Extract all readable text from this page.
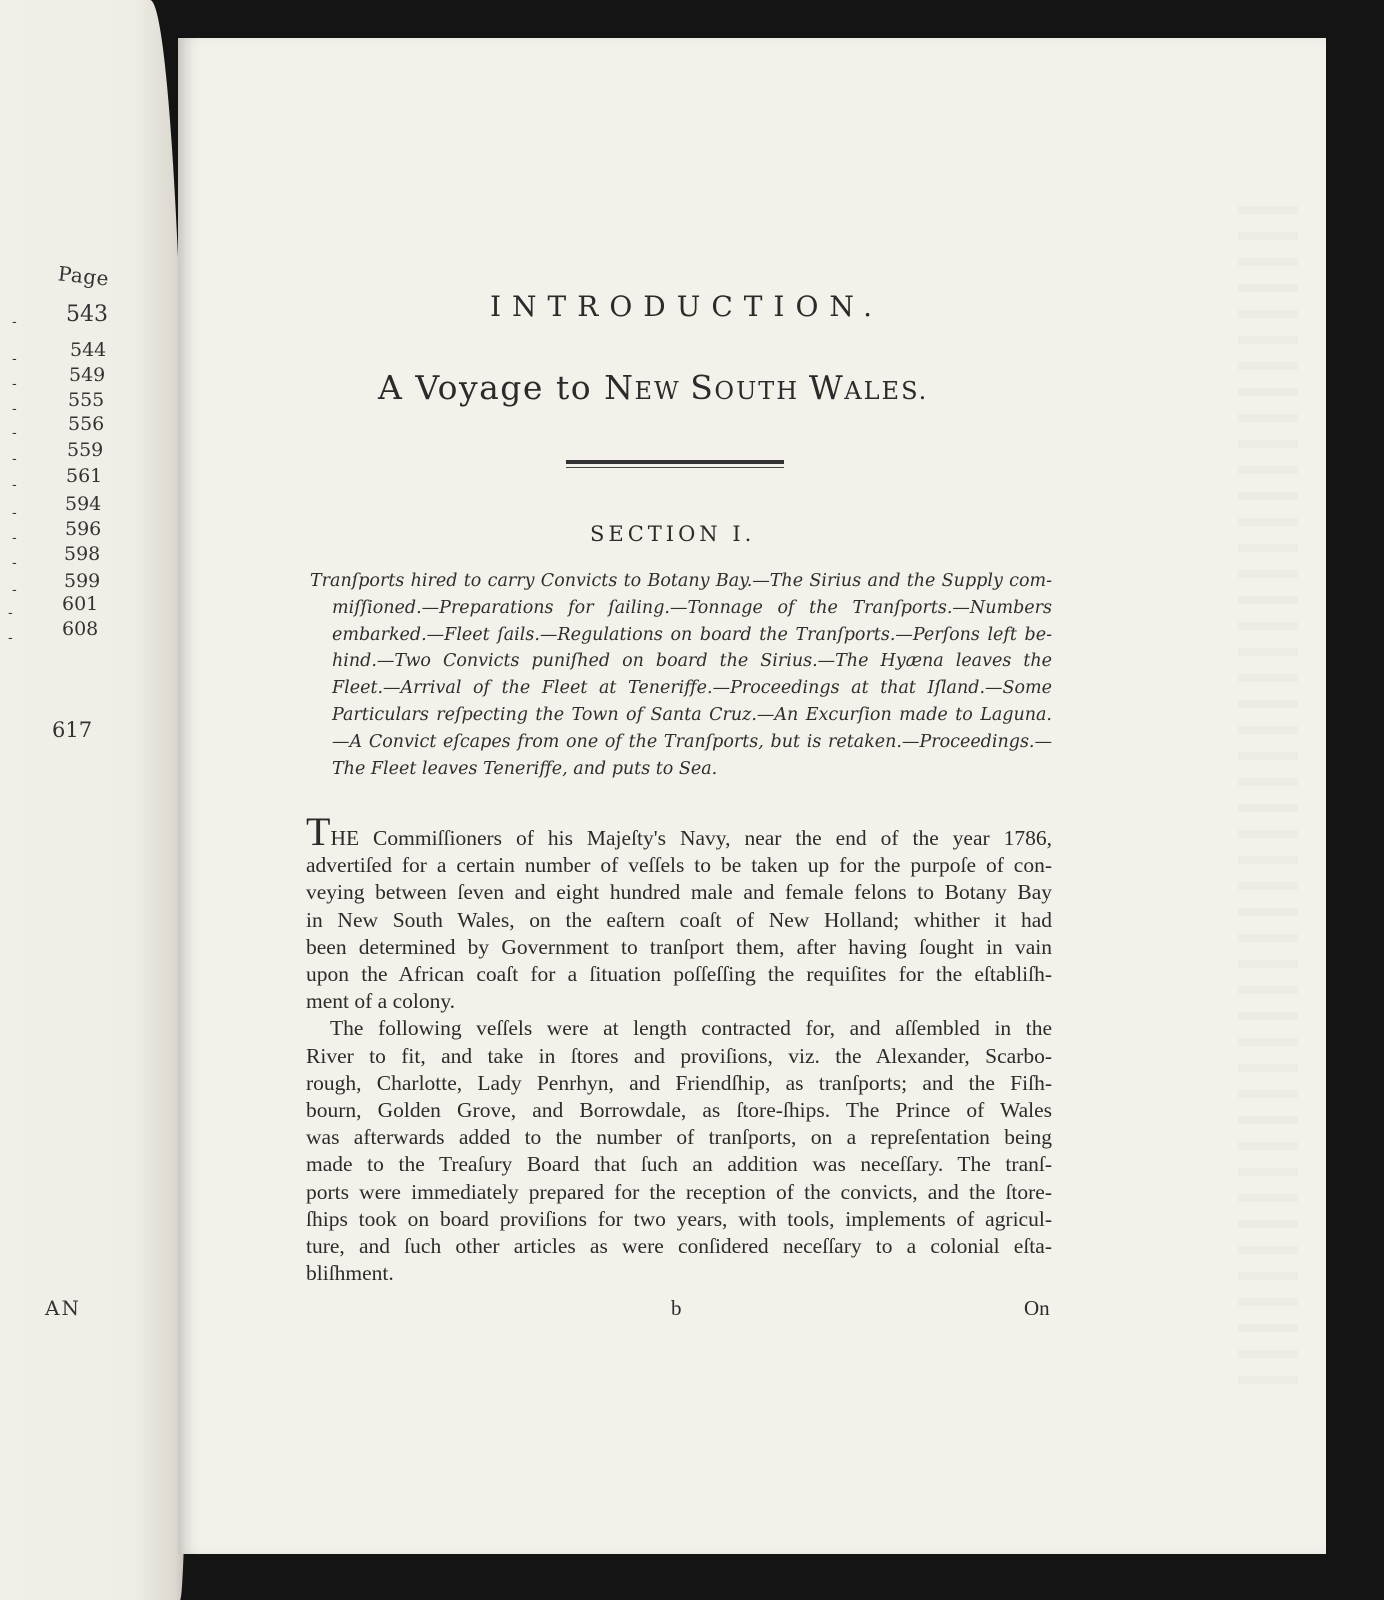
Page
- 543
-	544
-	549
-	555
-	556
-	559
-	561
-	594
-	596
- 598
- 599
-	601
-	608
617
AN
INTRODUCTION.
A Voyage to NEW SOUTH WALES.
SECTION I.
Tranſports hired to carry Convicts to Botany Bay.—The Sirius and the Supply com-
miſſioned.—Preparations for ſailing.—Tonnage of the Tranſports.—Numbers
embarked.—Fleet ſails.—Regulations on board the Tranſports.—Perſons left be-
hind.—Two Convicts puniſhed on board the Sirius.—The Hyæna leaves the
Fleet.—Arrival of the Fleet at Teneriffe.—Proceedings at that Iſland.—Some
Particulars reſpecting the Town of Santa Cruz.—An Excurſion made to Laguna.
—A Convict eſcapes from one of the Tranſports, but is retaken.—Proceedings.—
The Fleet leaves Teneriffe, and puts to Sea.
THE Commiſſioners of his Majeſty's Navy, near the end of the year 1786,
advertiſed for a certain number of veſſels to be taken up for the purpoſe of con-
veying between ſeven and eight hundred male and female felons to Botany Bay
in New South Wales, on the eaſtern coaſt of New Holland; whither it had
been determined by Government to tranſport them, after having ſought in vain
upon the African coaſt for a ſituation poſſeſſing the requiſites for the eſtabliſh-
ment of a colony.
The following veſſels were at length contracted for, and aſſembled in the
River to fit, and take in ſtores and proviſions, viz. the Alexander, Scarbo-
rough, Charlotte, Lady Penrhyn, and Friendſhip, as tranſports; and the Fiſh-
bourn, Golden Grove, and Borrowdale, as ſtore-ſhips. The Prince of Wales
was afterwards added to the number of tranſports, on a repreſentation being
made to the Treaſury Board that ſuch an addition was neceſſary. The tranſ-
ports were immediately prepared for the reception of the convicts, and the ſtore-
ſhips took on board proviſions for two years, with tools, implements of agricul-
ture, and ſuch other articles as were conſidered neceſſary to a colonial eſta-
bliſhment.
b	On
